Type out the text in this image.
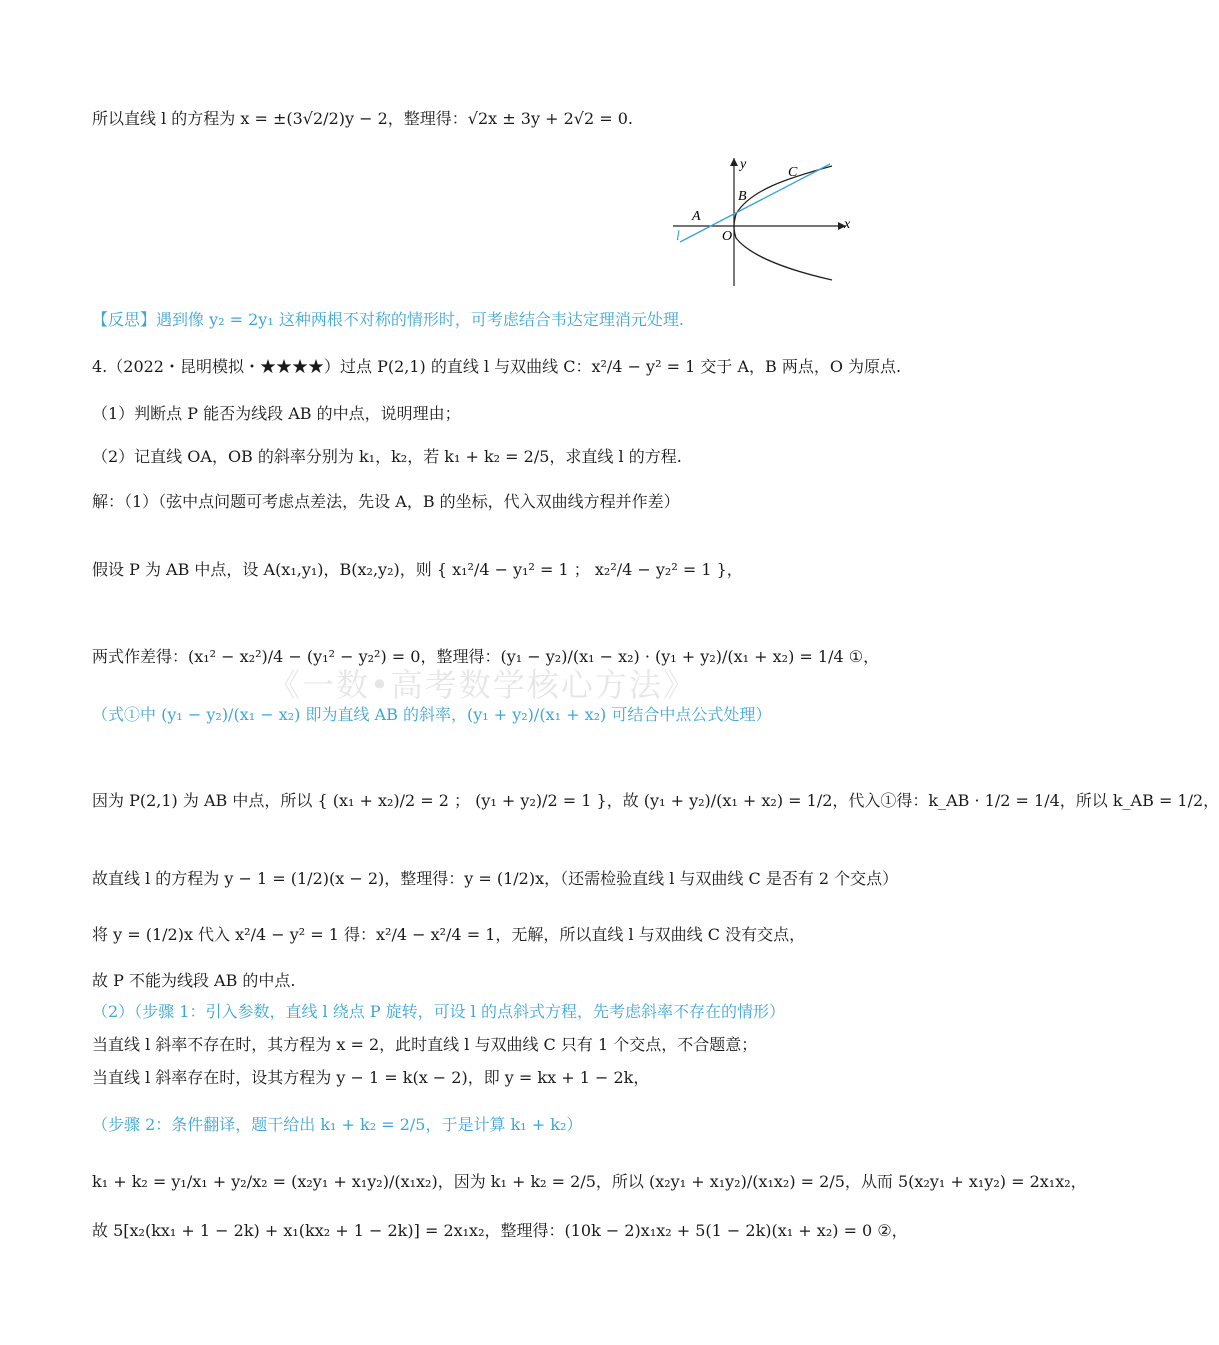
《一数•高考数学核心方法》
所以直线 l 的方程为 x = ±(3√2/2)y − 2，整理得：√2x ± 3y + 2√2 = 0.
y
x
O
A
B
C
l
【反思】遇到像 y₂ = 2y₁ 这种两根不对称的情形时，可考虑结合韦达定理消元处理.
4.（2022・昆明模拟・★★★★）过点 P(2,1) 的直线 l 与双曲线 C：x²/4 − y² = 1 交于 A，B 两点，O 为原点.
（1）判断点 P 能否为线段 AB 的中点，说明理由；
（2）记直线 OA，OB 的斜率分别为 k₁，k₂，若 k₁ + k₂ = 2/5，求直线 l 的方程.
解：（1）（弦中点问题可考虑点差法，先设 A，B 的坐标，代入双曲线方程并作差）
假设 P 为 AB 中点，设 A(x₁,y₁)，B(x₂,y₂)，则 { x₁²/4 − y₁² = 1 ； x₂²/4 − y₂² = 1 }，
两式作差得：(x₁² − x₂²)/4 − (y₁² − y₂²) = 0，整理得：(y₁ − y₂)/(x₁ − x₂) · (y₁ + y₂)/(x₁ + x₂) = 1/4 ①，
（式①中 (y₁ − y₂)/(x₁ − x₂) 即为直线 AB 的斜率，(y₁ + y₂)/(x₁ + x₂) 可结合中点公式处理）
因为 P(2,1) 为 AB 中点，所以 { (x₁ + x₂)/2 = 2 ； (y₁ + y₂)/2 = 1 }，故 (y₁ + y₂)/(x₁ + x₂) = 1/2，代入①得：k_AB · 1/2 = 1/4，所以 k_AB = 1/2，
故直线 l 的方程为 y − 1 = (1/2)(x − 2)，整理得：y = (1/2)x，（还需检验直线 l 与双曲线 C 是否有 2 个交点）
将 y = (1/2)x 代入 x²/4 − y² = 1 得：x²/4 − x²/4 = 1，无解，所以直线 l 与双曲线 C 没有交点，
故 P 不能为线段 AB 的中点.
（2）（步骤 1：引入参数，直线 l 绕点 P 旋转，可设 l 的点斜式方程，先考虑斜率不存在的情形）
当直线 l 斜率不存在时，其方程为 x = 2，此时直线 l 与双曲线 C 只有 1 个交点，不合题意；
当直线 l 斜率存在时，设其方程为 y − 1 = k(x − 2)，即 y = kx + 1 − 2k，
（步骤 2：条件翻译，题干给出 k₁ + k₂ = 2/5，于是计算 k₁ + k₂）
k₁ + k₂ = y₁/x₁ + y₂/x₂ = (x₂y₁ + x₁y₂)/(x₁x₂)，因为 k₁ + k₂ = 2/5，所以 (x₂y₁ + x₁y₂)/(x₁x₂) = 2/5，从而 5(x₂y₁ + x₁y₂) = 2x₁x₂，
故 5[x₂(kx₁ + 1 − 2k) + x₁(kx₂ + 1 − 2k)] = 2x₁x₂，整理得：(10k − 2)x₁x₂ + 5(1 − 2k)(x₁ + x₂) = 0 ②，
